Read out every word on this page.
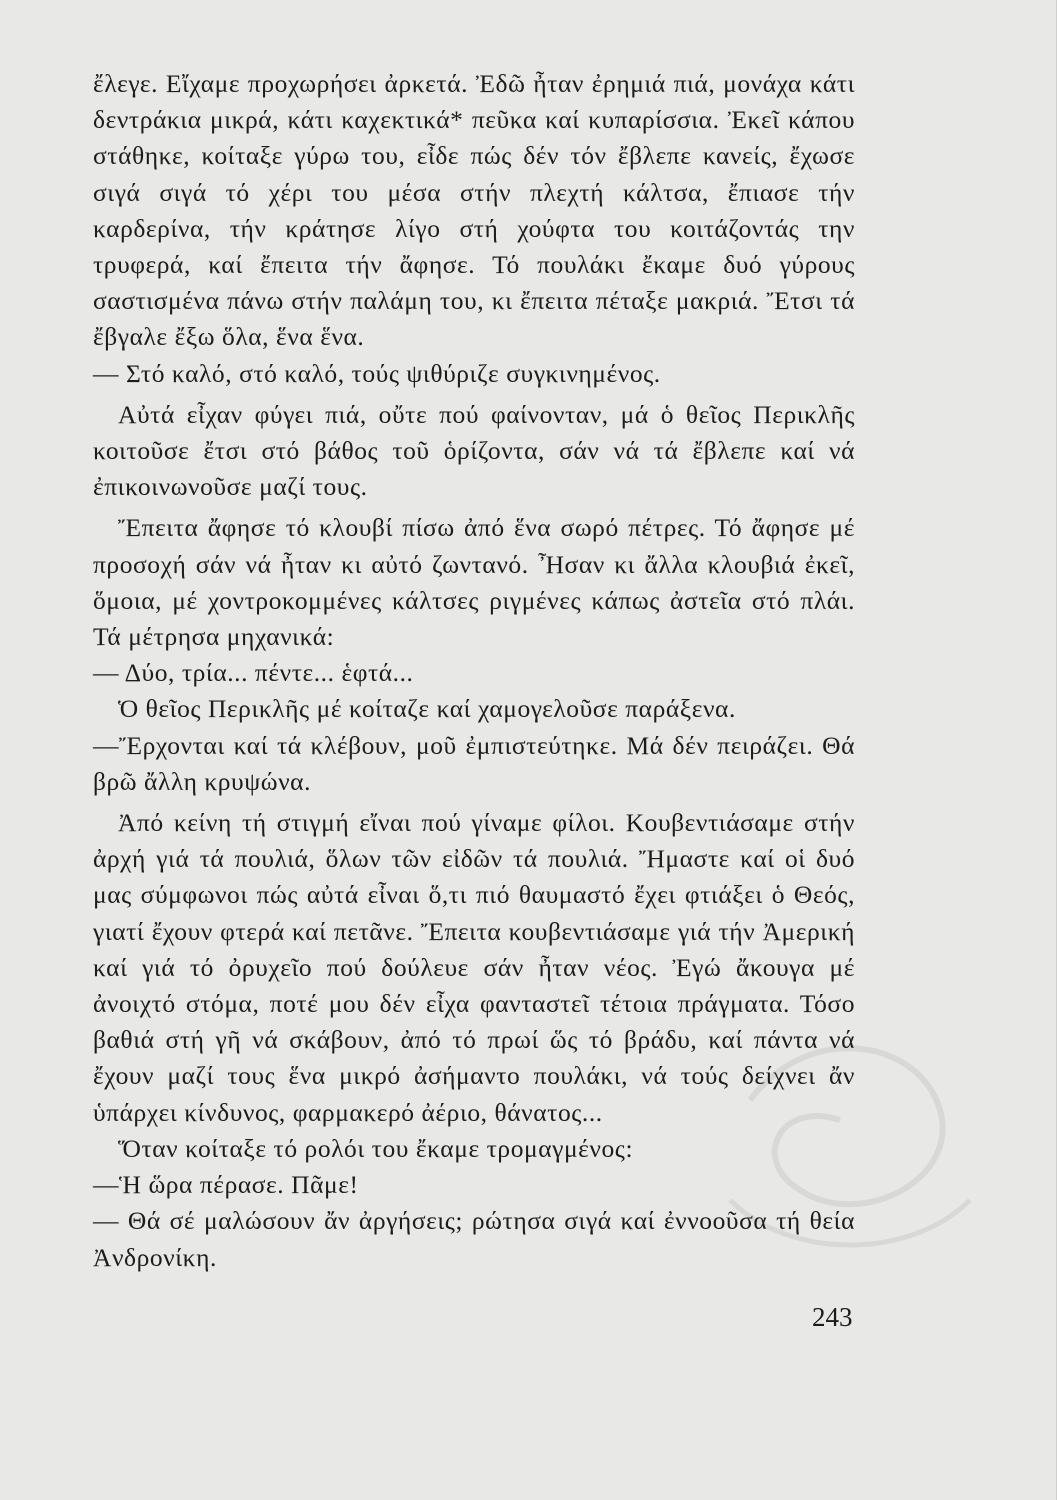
ἔλεγε. Εἴχαμε προχωρήσει ἀρκετά. Ἐδῶ ἦταν ἐρημιά πιά, μονάχα κάτι δεντράκια μικρά, κάτι καχεκτικά* πεῦκα καί κυπαρίσσια. Ἐκεῖ κάπου στάθηκε, κοίταξε γύρω του, εἶδε πώς δέν τόν ἔβλεπε κανείς, ἔχωσε σιγά σιγά τό χέρι του μέσα στήν πλεχτή κάλτσα, ἔπιασε τήν καρδερίνα, τήν κράτησε λίγο στή χούφτα του κοιτάζοντάς την τρυφερά, καί ἔπειτα τήν ἄφησε. Τό πουλάκι ἔκαμε δυό γύρους σαστισμένα πάνω στήν παλάμη του, κι ἔπειτα πέταξε μακριά. Ἔτσι τά ἔβγαλε ἔξω ὅλα, ἕνα ἕνα.

— Στό καλό, στό καλό, τούς ψιθύριζε συγκινημένος.

Αὐτά εἶχαν φύγει πιά, οὔτε πού φαίνονταν, μά ὁ θεῖος Περικλῆς κοιτοῦσε ἔτσι στό βάθος τοῦ ὁρίζοντα, σάν νά τά ἔβλεπε καί νά ἐπικοινωνοῦσε μαζί τους.

Ἔπειτα ἄφησε τό κλουβί πίσω ἀπό ἕνα σωρό πέτρες. Τό ἄφησε μέ προσοχή σάν νά ἦταν κι αὐτό ζωντανό. Ἦσαν κι ἄλλα κλουβιά ἐκεῖ, ὅμοια, μέ χοντροκομμένες κάλτσες ριγμένες κάπως ἀστεῖα στό πλάι. Τά μέτρησα μηχανικά:

— Δύο, τρία... πέντε... ἑφτά...

Ὁ θεῖος Περικλῆς μέ κοίταζε καί χαμογελοῦσε παράξενα.

—Ἔρχονται καί τά κλέβουν, μοῦ ἐμπιστεύτηκε. Μά δέν πειράζει. Θά βρῶ ἄλλη κρυψώνα.

Ἀπό κείνη τή στιγμή εἴναι πού γίναμε φίλοι. Κουβεντιάσαμε στήν ἀρχή γιά τά πουλιά, ὅλων τῶν εἰδῶν τά πουλιά. Ἤμαστε καί οἱ δυό μας σύμφωνοι πώς αὐτά εἶναι ὅ,τι πιό θαυμαστό ἔχει φτιάξει ὁ Θεός, γιατί ἔχουν φτερά καί πετᾶνε. Ἔπειτα κουβεντιάσαμε γιά τήν Ἀμερική καί γιά τό ὀρυχεῖο πού δούλευε σάν ἦταν νέος. Ἐγώ ἄκουγα μέ ἀνοιχτό στόμα, ποτέ μου δέν εἶχα φανταστεῖ τέτοια πράγματα. Τόσο βαθιά στή γῆ νά σκάβουν, ἀπό τό πρωί ὥς τό βράδυ, καί πάντα νά ἔχουν μαζί τους ἕνα μικρό ἀσήμαντο πουλάκι, νά τούς δείχνει ἄν ὑπάρχει κίνδυνος, φαρμακερό ἀέριο, θάνατος...

Ὅταν κοίταξε τό ρολόι του ἔκαμε τρομαγμένος:

—Ἡ ὥρα πέρασε. Πᾶμε!

— Θά σέ μαλώσουν ἄν ἀργήσεις; ρώτησα σιγά καί ἐννοοῦσα τή θεία Ἀνδρονίκη.

243
